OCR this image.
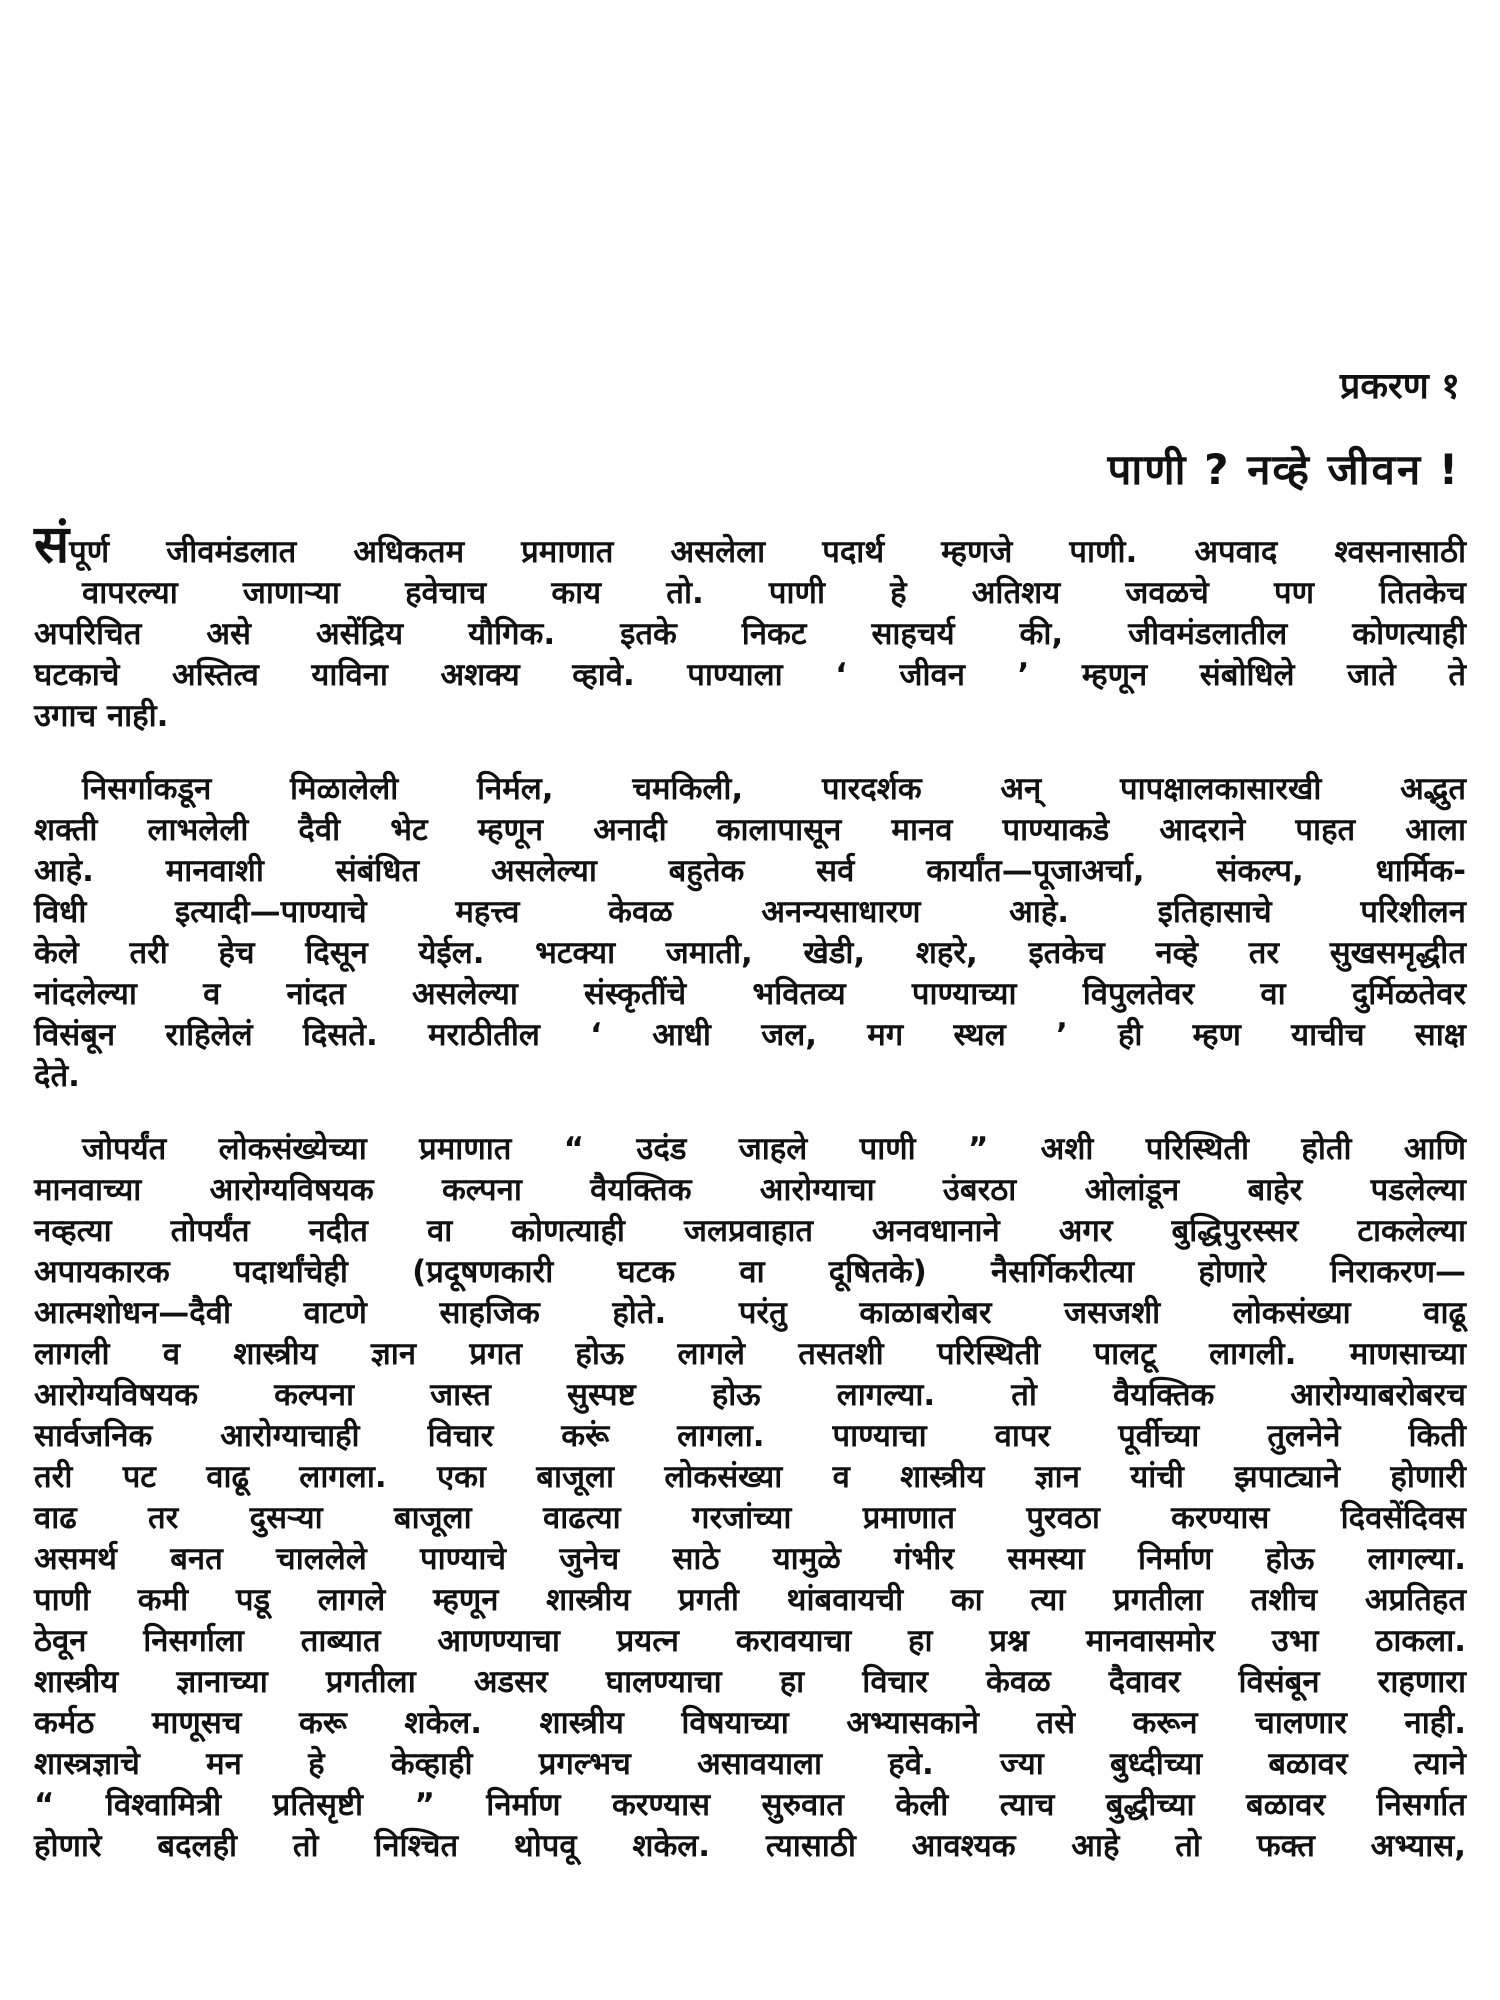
प्रकरण १
पाणी ? नव्हे जीवन !
संपूर्ण जीवमंडलात अधिकतम प्रमाणात असलेला पदार्थ म्हणजे पाणी. अपवाद श्वसनासाठी
वापरल्या जाणाऱ्या हवेचाच काय तो. पाणी हे अतिशय जवळचे पण तितकेच
अपरिचित असे असेंद्रिय यौगिक. इतके निकट साहचर्य की, जीवमंडलातील कोणत्याही
घटकाचे अस्तित्व याविना अशक्य व्हावे. पाण्याला ‘ जीवन ’ म्हणून संबोधिले जाते ते
उगाच नाही.
निसर्गाकडून मिळालेली निर्मल, चमकिली, पारदर्शक अन् पापक्षालकासारखी अद्भुत
शक्ती लाभलेली दैवी भेट म्हणून अनादी कालापासून मानव पाण्याकडे आदराने पाहत आला
आहे. मानवाशी संबंधित असलेल्या बहुतेक सर्व कार्यांत—पूजाअर्चा, संकल्प, धार्मिक-
विधी इत्यादी—पाण्याचे महत्त्व केवळ अनन्यसाधारण आहे. इतिहासाचे परिशीलन
केले तरी हेच दिसून येईल. भटक्या जमाती, खेडी, शहरे, इतकेच नव्हे तर सुखसमृद्धीत
नांदलेल्या व नांदत असलेल्या संस्कृतींचे भवितव्य पाण्याच्या विपुलतेवर वा दुर्मिळतेवर
विसंबून राहिलेलं दिसते. मराठीतील ‘ आधी जल, मग स्थल ’ ही म्हण याचीच साक्ष
देते.
जोपर्यंत लोकसंख्येच्या प्रमाणात “ उदंड जाहले पाणी ” अशी परिस्थिती होती आणि
मानवाच्या आरोग्यविषयक कल्पना वैयक्तिक आरोग्याचा उंबरठा ओलांडून बाहेर पडलेल्या
नव्हत्या तोपर्यंत नदीत वा कोणत्याही जलप्रवाहात अनवधानाने अगर बुद्धिपुरस्सर टाकलेल्या
अपायकारक पदार्थांचेही (प्रदूषणकारी घटक वा दूषितके) नैसर्गिकरीत्या होणारे निराकरण—
आत्मशोधन—दैवी वाटणे साहजिक होते. परंतु काळाबरोबर जसजशी लोकसंख्या वाढू
लागली व शास्त्रीय ज्ञान प्रगत होऊ लागले तसतशी परिस्थिती पालटू लागली. माणसाच्या
आरोग्यविषयक कल्पना जास्त सुस्पष्ट होऊ लागल्या. तो वैयक्तिक आरोग्याबरोबरच
सार्वजनिक आरोग्याचाही विचार करूं लागला. पाण्याचा वापर पूर्वीच्या तुलनेने किती
तरी पट वाढू लागला. एका बाजूला लोकसंख्या व शास्त्रीय ज्ञान यांची झपाट्याने होणारी
वाढ तर दुसऱ्या बाजूला वाढत्या गरजांच्या प्रमाणात पुरवठा करण्यास दिवसेंदिवस
असमर्थ बनत चाललेले पाण्याचे जुनेच साठे यामुळे गंभीर समस्या निर्माण होऊ लागल्या.
पाणी कमी पडू लागले म्हणून शास्त्रीय प्रगती थांबवायची का त्या प्रगतीला तशीच अप्रतिहत
ठेवून निसर्गाला ताब्यात आणण्याचा प्रयत्न करावयाचा हा प्रश्न मानवासमोर उभा ठाकला.
शास्त्रीय ज्ञानाच्या प्रगतीला अडसर घालण्याचा हा विचार केवळ दैवावर विसंबून राहणारा
कर्मठ माणूसच करू शकेल. शास्त्रीय विषयाच्या अभ्यासकाने तसे करून चालणार नाही.
शास्त्रज्ञाचे मन हे केव्हाही प्रगल्भच असावयाला हवे. ज्या बुध्दीच्या बळावर त्याने
“ विश्वामित्री प्रतिसृष्टी ” निर्माण करण्यास सुरुवात केली त्याच बुद्धीच्या बळावर निसर्गात
होणारे बदलही तो निश्चित थोपवू शकेल. त्यासाठी आवश्यक आहे तो फक्त अभ्यास,
